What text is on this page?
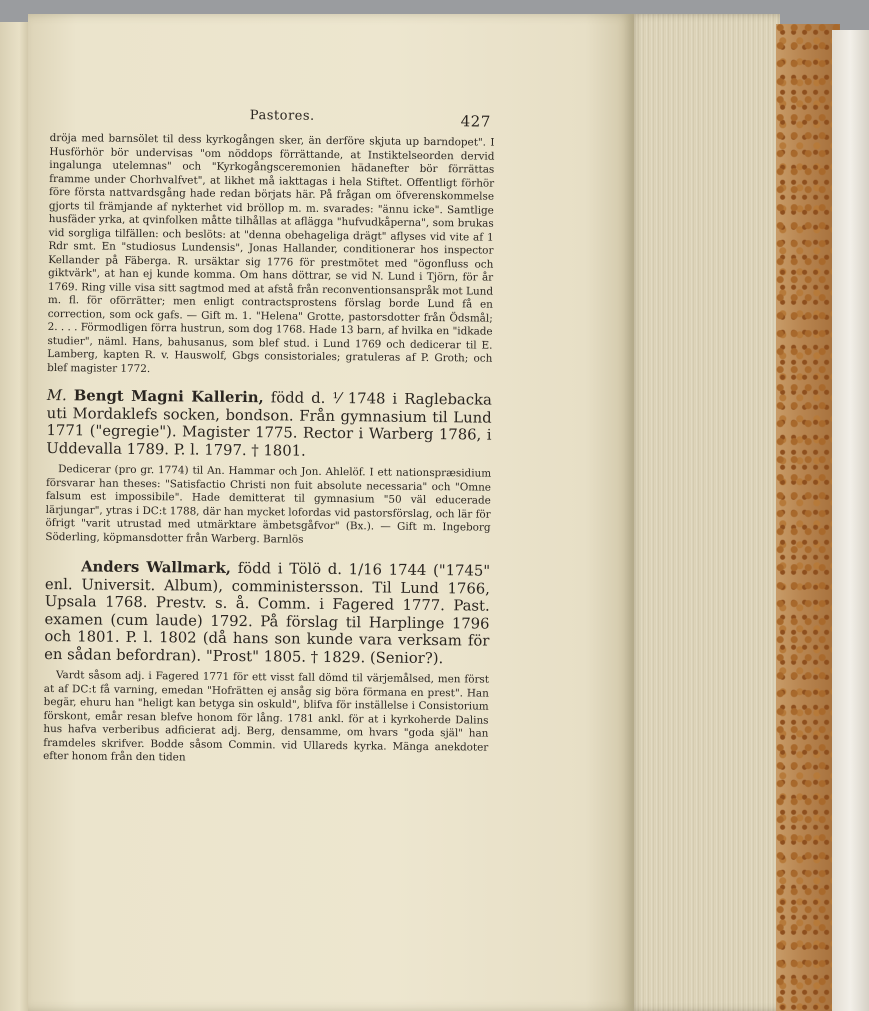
Pastores.	427

dröja med barnsölet til dess kyrkogången sker, än derföre skjuta up barndopet". I Husförhör bör undervisas "om nöddops förrättande, at Instiktelseorden dervid ingalunga utelemnas" och "Kyrkogångsceremonien hädanefter bör förrättas framme under Chorhvalfvet", at likhet må iakttagas i hela Stiftet. Offentligt förhör före första nattvardsgång hade redan börjats här. På frågan om öfverenskommelse gjorts til främjande af nykterhet vid bröllop m. m. svarades: "ännu icke". Samtlige husfäder yrka, at qvinfolken måtte tilhållas at aflägga "hufvudkåperna", som brukas vid sorgliga tilfällen: och beslöts: at "denna obehageliga drägt" aflyses vid vite af 1 Rdr smt. En "studiosus Lundensis", Jonas Hallander, conditionerar hos inspector Kellander på Fäberga. R. ursäktar sig 1776 för prestmötet med "ögonfluss och giktvärk", at han ej kunde komma. Om hans döttrar, se vid N. Lund i Tjörn, för år 1769. Ring ville visa sitt sagtmod med at afstå från reconventionsanspråk mot Lund m. fl. för oförrätter; men enligt contractsprostens förslag borde Lund få en correction, som ock gafs. — Gift m. 1. "Helena" Grotte, pastorsdotter från Ödsmål; 2. . . . Förmodligen förra hustrun, som dog 1768. Hade 13 barn, af hvilka en "idkade studier", näml. Hans, bahusanus, som blef stud. i Lund 1769 och dedicerar til E. Lamberg, kapten R. v. Hauswolf, Gbgs consistoriales; gratuleras af P. Groth; och blef magister 1772.

M. Bengt Magni Kallerin, född d. ⅟ 1748 i Raglebacka uti Mordaklefs socken, bondson. Från gymnasium til Lund 1771 ("egregie"). Magister 1775. Rector i Warberg 1786, i Uddevalla 1789. P. l. 1797. † 1801.

Dedicerar (pro gr. 1774) til An. Hammar och Jon. Ahlelöf. I ett nationspræsidium försvarar han theses: "Satisfactio Christi non fuit absolute necessaria" och "Omne falsum est impossibile". Hade demitterat til gymnasium "50 väl educerade lärjungar", ytras i DC:t 1788, där han mycket lofordas vid pastorsförslag, och lär för öfrigt "varit utrustad med utmärktare ämbetsgåfvor" (Bx.). — Gift m. Ingeborg Söderling, köpmansdotter från Warberg. Barnlös

Anders Wallmark, född i Tölö d. 1/16 1744 ("1745" enl. Universit. Album), comministersson. Til Lund 1766, Upsala 1768. Prestv. s. å. Comm. i Fagered 1777. Past. examen (cum laude) 1792. På förslag til Harplinge 1796 och 1801. P. l. 1802 (då hans son kunde vara verksam för en sådan befordran). "Prost" 1805. † 1829. (Senior?).

Vardt såsom adj. i Fagered 1771 för ett visst fall dömd til värjemålsed, men först at af DC:t få varning, emedan "Hofrätten ej ansåg sig böra förmana en prest". Han begär, ehuru han "heligt kan betyga sin oskuld", blifva för inställelse i Consistorium förskont, emår resan blefve honom för lång. 1781 ankl. för at i kyrkoherde Dalins hus hafva verberibus adficierat adj. Berg, densamme, om hvars "goda själ" han framdeles skrifver. Bodde såsom Commin. vid Ullareds kyrka. Mänga anekdoter efter honom från den tiden
